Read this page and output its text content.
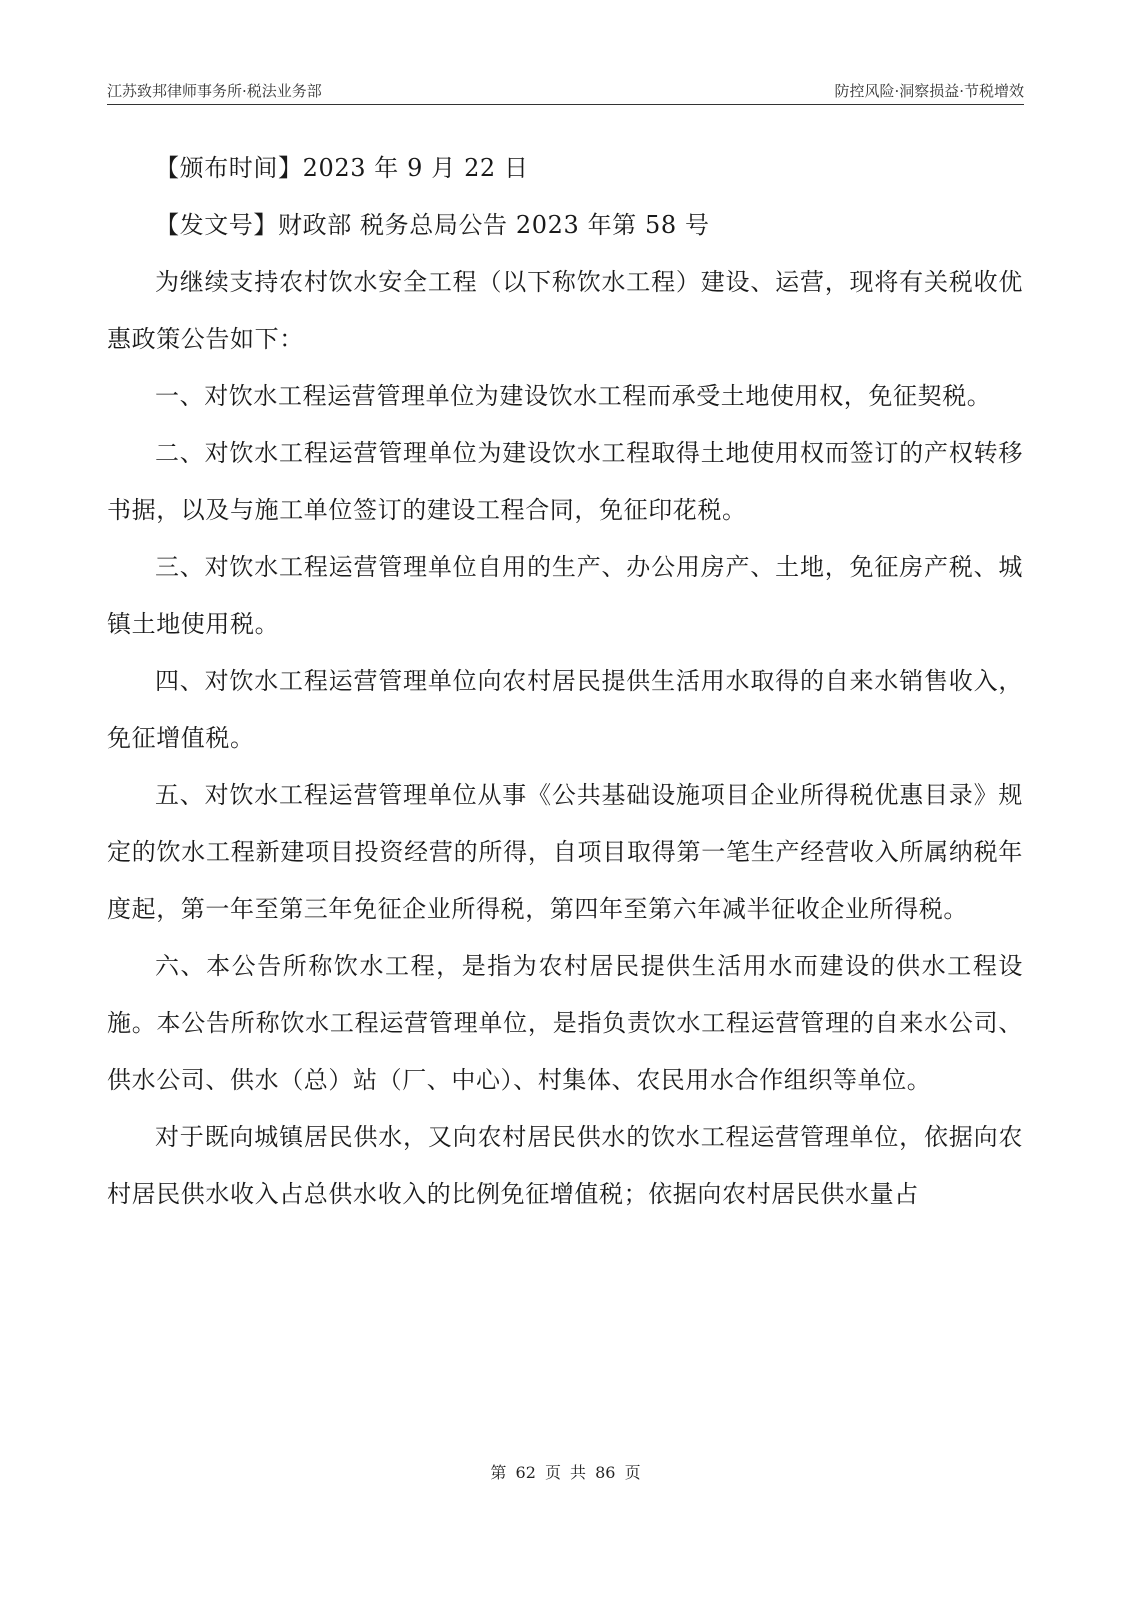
江苏致邦律师事务所·税法业务部	防控风险·洞察损益·节税增效

【颁布时间】2023 年 9 月 22 日

【发文号】财政部 税务总局公告 2023 年第 58 号

为继续支持农村饮水安全工程（以下称饮水工程）建设、运营，现将有关税收优惠政策公告如下：

一、对饮水工程运营管理单位为建设饮水工程而承受土地使用权，免征契税。

二、对饮水工程运营管理单位为建设饮水工程取得土地使用权而签订的产权转移书据，以及与施工单位签订的建设工程合同，免征印花税。

三、对饮水工程运营管理单位自用的生产、办公用房产、土地，免征房产税、城镇土地使用税。

四、对饮水工程运营管理单位向农村居民提供生活用水取得的自来水销售收入，免征增值税。

五、对饮水工程运营管理单位从事《公共基础设施项目企业所得税优惠目录》规定的饮水工程新建项目投资经营的所得，自项目取得第一笔生产经营收入所属纳税年度起，第一年至第三年免征企业所得税，第四年至第六年减半征收企业所得税。

六、本公告所称饮水工程，是指为农村居民提供生活用水而建设的供水工程设施。本公告所称饮水工程运营管理单位，是指负责饮水工程运营管理的自来水公司、供水公司、供水（总）站（厂、中心）、村集体、农民用水合作组织等单位。

对于既向城镇居民供水，又向农村居民供水的饮水工程运营管理单位，依据向农村居民供水收入占总供水收入的比例免征增值税；依据向农村居民供水量占

第 62 页 共 86 页
